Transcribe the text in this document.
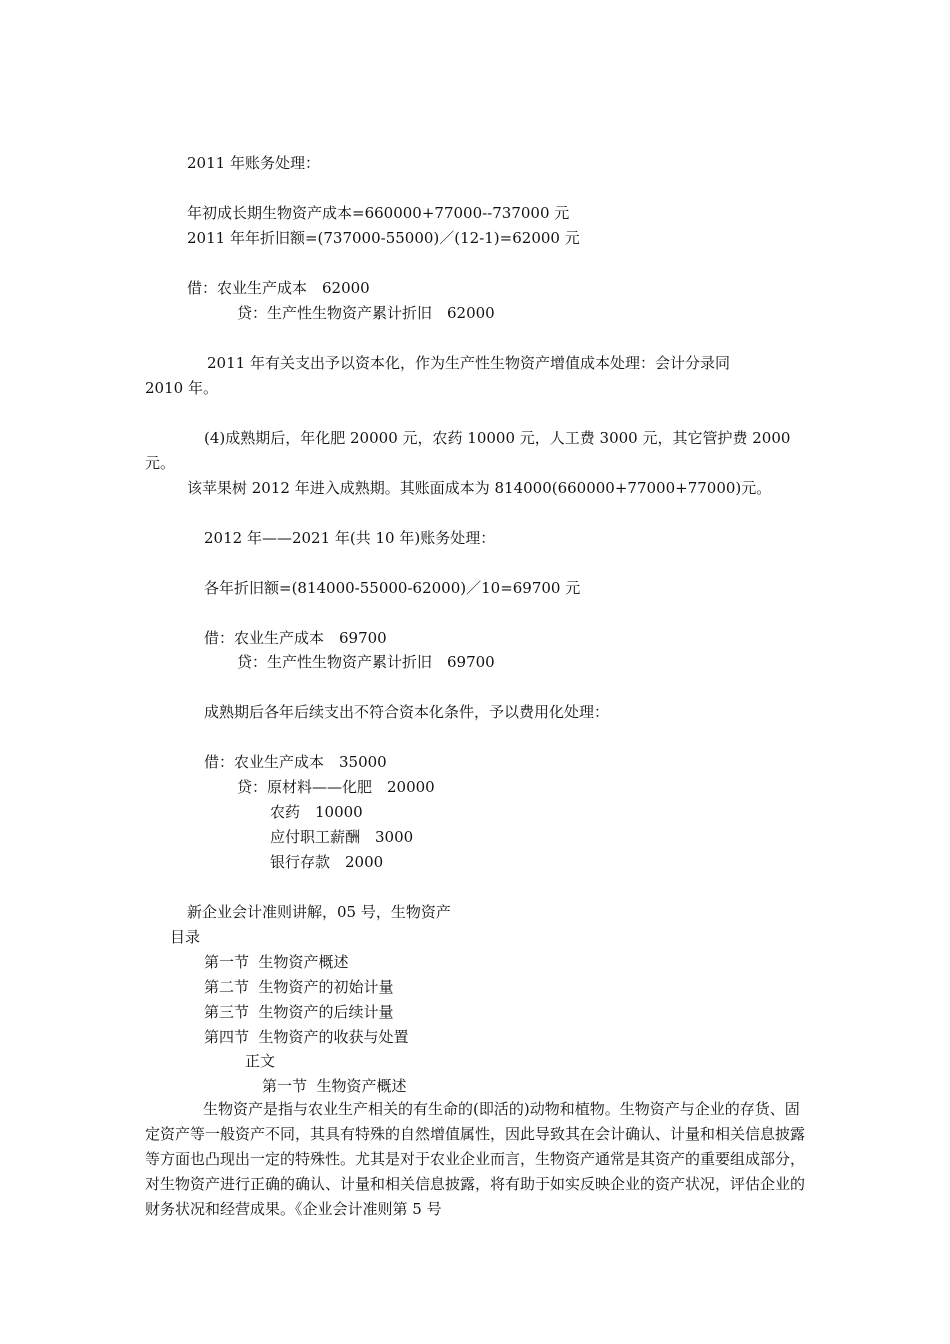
2011 年账务处理：
年初成长期生物资产成本=660000+77000--737000 元
2011 年年折旧额=(737000-55000)／(12-1)=62000 元
借：农业生产成本　62000
贷：生产性生物资产累计折旧　62000
2011 年有关支出予以资本化，作为生产性生物资产增值成本处理：会计分录同
2010 年。
(4)成熟期后，年化肥 20000 元，农药 10000 元，人工费 3000 元，其它管护费 2000
元。
该苹果树 2012 年进入成熟期。其账面成本为 814000(660000+77000+77000)元。
2012 年——2021 年(共 10 年)账务处理：
各年折旧额=(814000-55000-62000)／10=69700 元
借：农业生产成本　69700
贷：生产性生物资产累计折旧　69700
成熟期后各年后续支出不符合资本化条件，予以费用化处理：
借：农业生产成本　35000
贷：原材料——化肥　20000
农药　10000
应付职工薪酬　3000
银行存款　2000
新企业会计准则讲解，05 号，生物资产
目录
第一节  生物资产概述
第二节  生物资产的初始计量
第三节  生物资产的后续计量
第四节  生物资产的收获与处置
正文
第一节  生物资产概述
生物资产是指与农业生产相关的有生命的(即活的)动物和植物。生物资产与企业的存货、固定资产等一般资产不同，其具有特殊的自然增值属性，因此导致其在会计确认、计量和相关信息披露等方面也凸现出一定的特殊性。尤其是对于农业企业而言，生物资产通常是其资产的重要组成部分，对生物资产进行正确的确认、计量和相关信息披露，将有助于如实反映企业的资产状况，评估企业的财务状况和经营成果。《企业会计准则第 5 号
